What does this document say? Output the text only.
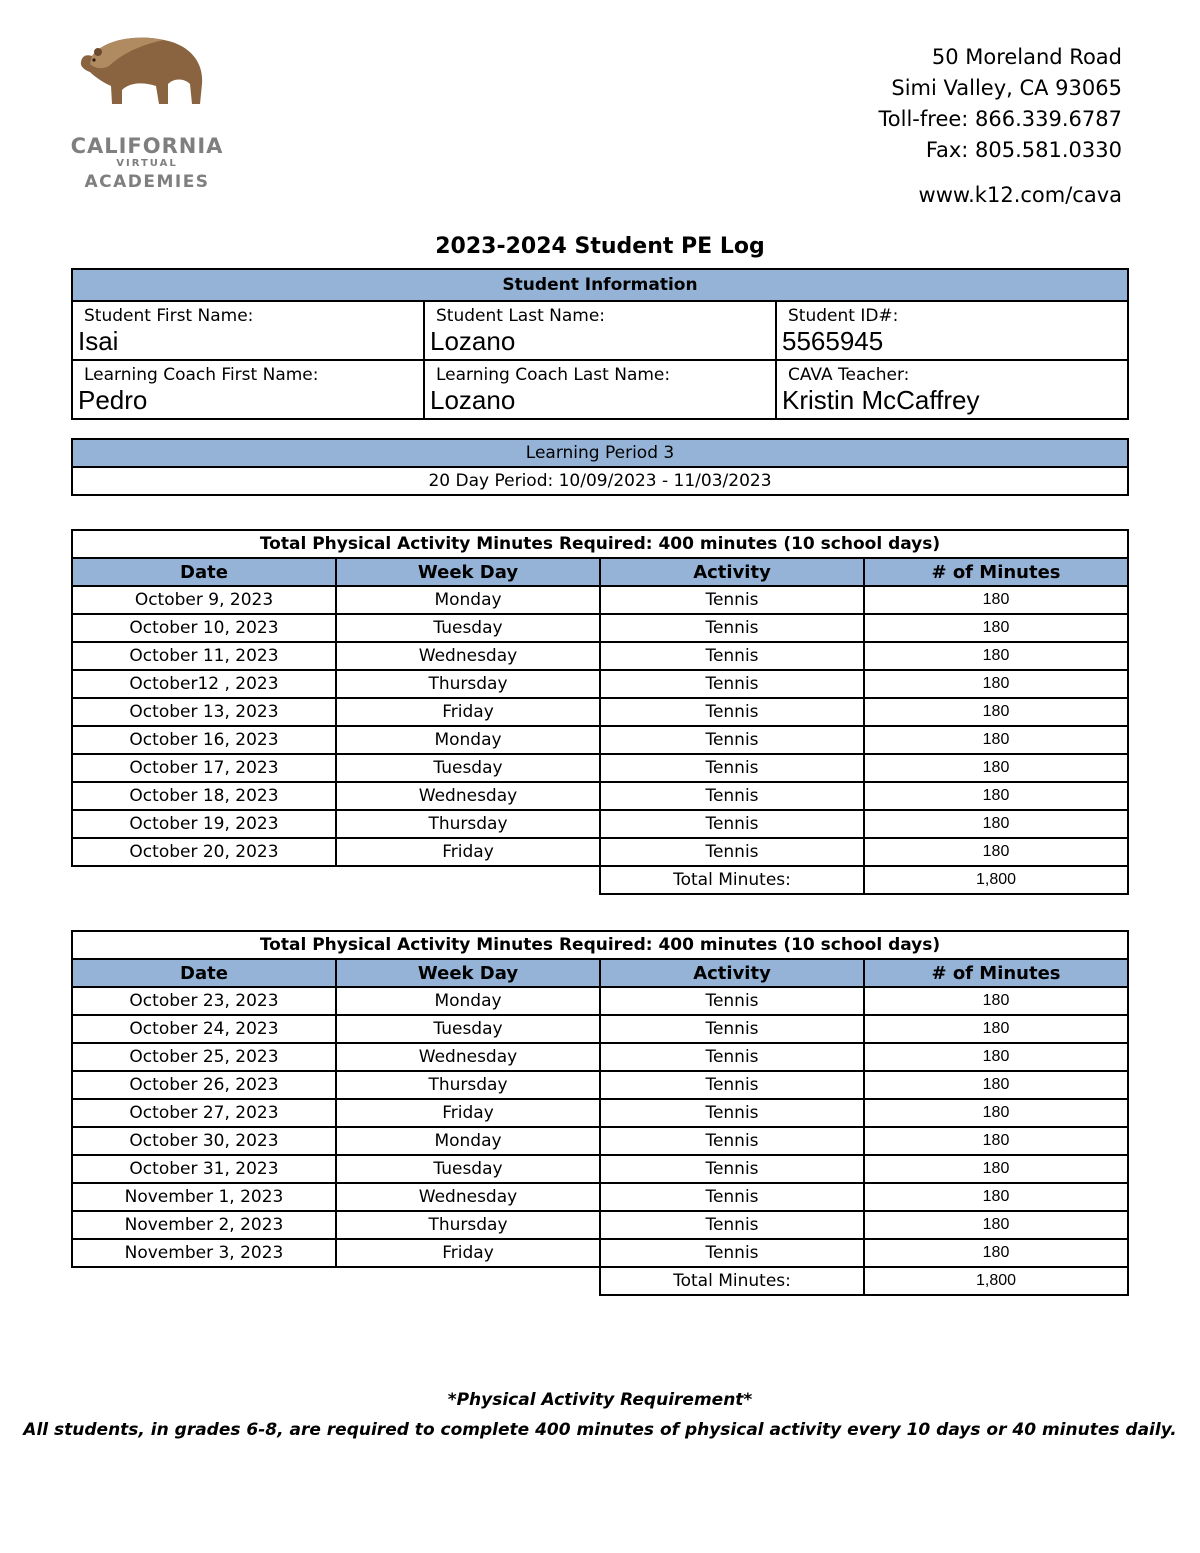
CALIFORNIA
VIRTUAL
ACADEMIES
50 Moreland Road
Simi Valley, CA 93065
Toll-free: 866.339.6787
Fax: 805.581.0330
www.k12.com/cava
2023-2024 Student PE Log
Student Information		

Student First Name:
Isai	Student Last Name:
Lozano	Student ID#:
5565945

Learning Coach First Name:
Pedro	Learning Coach Last Name:
Lozano	CAVA Teacher:
Kristin McCaffrey
Learning Period 3
20 Day Period: 10/09/2023 - 11/03/2023
Total Physical Activity Minutes Required: 400 minutes (10 school days)			
Date	Week Day	Activity	# of Minutes
October 9, 2023	Monday	Tennis	180
October 10, 2023	Tuesday	Tennis	180
October 11, 2023	Wednesday	Tennis	180
October12 , 2023	Thursday	Tennis	180
October 13, 2023	Friday	Tennis	180
October 16, 2023	Monday	Tennis	180
October 17, 2023	Tuesday	Tennis	180
October 18, 2023	Wednesday	Tennis	180
October 19, 2023	Thursday	Tennis	180
October 20, 2023	Friday	Tennis	180
		Total Minutes:	1,800
Total Physical Activity Minutes Required: 400 minutes (10 school days)			
Date	Week Day	Activity	# of Minutes
October 23, 2023	Monday	Tennis	180
October 24, 2023	Tuesday	Tennis	180
October 25, 2023	Wednesday	Tennis	180
October 26, 2023	Thursday	Tennis	180
October 27, 2023	Friday	Tennis	180
October 30, 2023	Monday	Tennis	180
October 31, 2023	Tuesday	Tennis	180
November 1, 2023	Wednesday	Tennis	180
November 2, 2023	Thursday	Tennis	180
November 3, 2023	Friday	Tennis	180
		Total Minutes:	1,800
*Physical Activity Requirement*
All students, in grades 6-8, are required to complete 400 minutes of physical activity every 10 days or 40 minutes daily.
